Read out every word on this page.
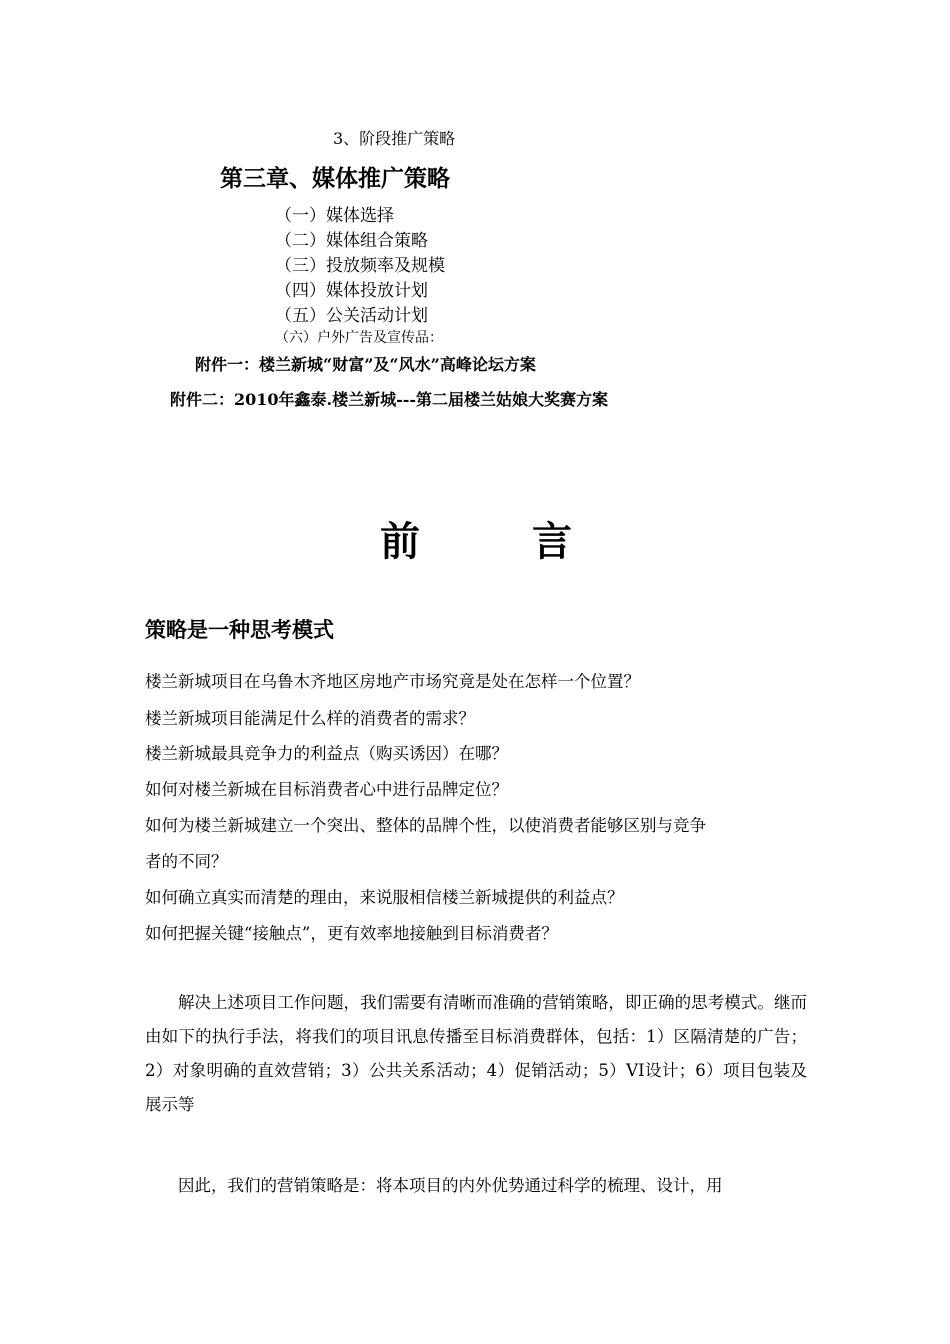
3、阶段推广策略
第三章、媒体推广策略
（一）媒体选择
（二）媒体组合策略
（三）投放频率及规模
（四）媒体投放计划
（五）公关活动计划
（六）户外广告及宣传品：
附件一：楼兰新城“财富”及“风水”高峰论坛方案
附件二：2010年鑫泰.楼兰新城---第二届楼兰姑娘大奖赛方案
前言
策略是一种思考模式
楼兰新城项目在乌鲁木齐地区房地产市场究竟是处在怎样一个位置？
楼兰新城项目能满足什么样的消费者的需求？
楼兰新城最具竞争力的利益点（购买诱因）在哪？
如何对楼兰新城在目标消费者心中进行品牌定位？
如何为楼兰新城建立一个突出、整体的品牌个性，以使消费者能够区别与竞争
者的不同？
如何确立真实而清楚的理由，来说服相信楼兰新城提供的利益点？
如何把握关键“接触点”，更有效率地接触到目标消费者？
解决上述项目工作问题，我们需要有清晰而准确的营销策略，即正确的思考模式。继而由如下的执行手法，将我们的项目讯息传播至目标消费群体，包括：1）区隔清楚的广告；2）对象明确的直效营销；3）公共关系活动；4）促销活动；5）VI设计；6）项目包装及展示等
因此，我们的营销策略是：将本项目的内外优势通过科学的梳理、设计，用
